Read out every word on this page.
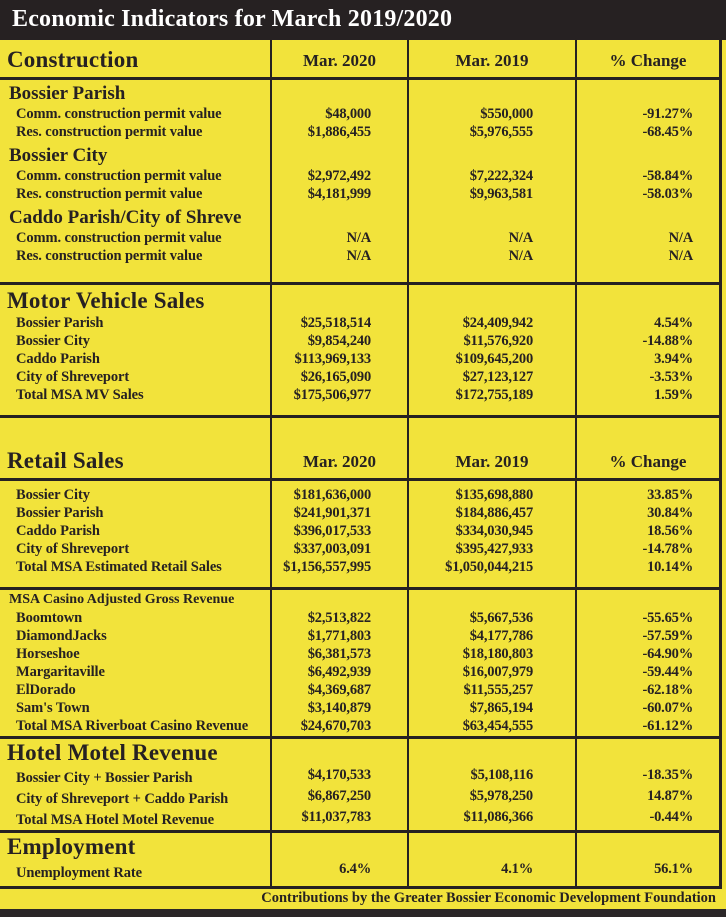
Economic Indicators for March 2019/2020
Construction	Mar. 2020	Mar. 2019	% Change
Bossier Parish
Comm. construction permit value	$48,000	$550,000	-91.27%
Res. construction permit value	$1,886,455	$5,976,555	-68.45%
Bossier City
Comm. construction permit value	$2,972,492	$7,222,324	-58.84%
Res. construction permit value	$4,181,999	$9,963,581	-58.03%
Caddo Parish/City of Shreve
Comm. construction permit value	N/A	N/A	N/A
Res. construction permit value	N/A	N/A	N/A
Motor Vehicle Sales
Bossier Parish	$25,518,514	$24,409,942	4.54%
Bossier City	$9,854,240	$11,576,920	-14.88%
Caddo Parish	$113,969,133	$109,645,200	3.94%
City of Shreveport	$26,165,090	$27,123,127	-3.53%
Total MSA MV Sales	$175,506,977	$172,755,189	1.59%
Retail Sales	Mar. 2020	Mar. 2019	% Change
Bossier City	$181,636,000	$135,698,880	33.85%
Bossier Parish	$241,901,371	$184,886,457	30.84%
Caddo Parish	$396,017,533	$334,030,945	18.56%
City of Shreveport	$337,003,091	$395,427,933	-14.78%
Total MSA Estimated Retail Sales	$1,156,557,995	$1,050,044,215	10.14%
MSA Casino Adjusted Gross Revenue
Boomtown	$2,513,822	$5,667,536	-55.65%
DiamondJacks	$1,771,803	$4,177,786	-57.59%
Horseshoe	$6,381,573	$18,180,803	-64.90%
Margaritaville	$6,492,939	$16,007,979	-59.44%
ElDorado	$4,369,687	$11,555,257	-62.18%
Sam's Town	$3,140,879	$7,865,194	-60.07%
Total MSA Riverboat Casino Revenue	$24,670,703	$63,454,555	-61.12%
Hotel Motel Revenue
Bossier City + Bossier Parish	$4,170,533	$5,108,116	-18.35%
City of Shreveport + Caddo Parish	$6,867,250	$5,978,250	14.87%
Total MSA Hotel Motel Revenue	$11,037,783	$11,086,366	-0.44%
Employment
Unemployment Rate	6.4%	4.1%	56.1%
Contributions by the Greater Bossier Economic Development Foundation
